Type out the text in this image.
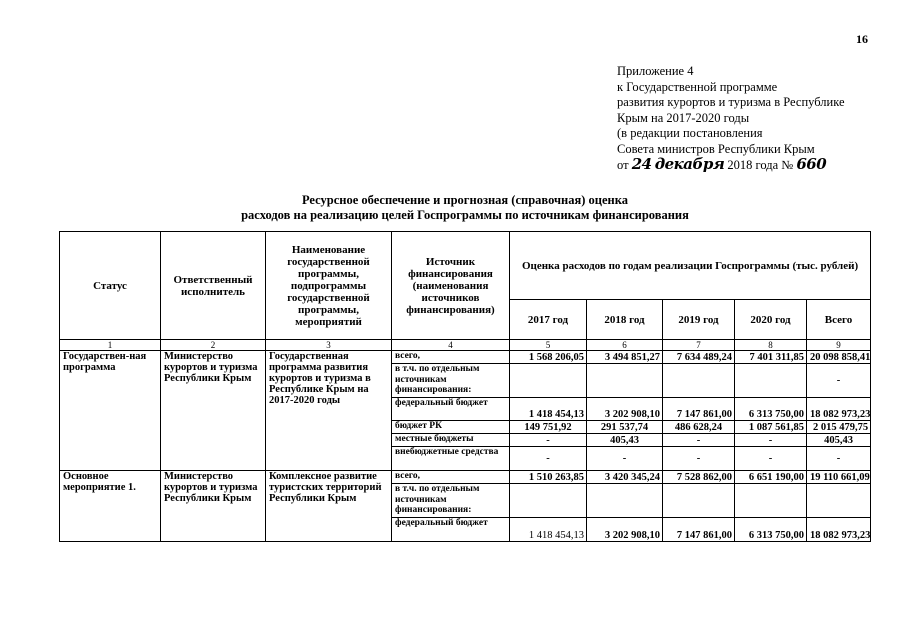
16
Приложение 4
к Государственной программе
развития курортов и туризма в Республике
Крым на 2017-2020 годы
(в редакции постановления
Совета министров Республики Крым
от 24 декабря 2018 года № 660
Ресурсное обеспечение и прогнозная (справочная) оценка
расходов на реализацию целей Госпрограммы по источникам финансирования
Статус	Ответственный исполнитель	Наименование государственной программы, подпрограммы государственной программы, мероприятий	Источник финансирования (наименования источников финансирования)	Оценка расходов по годам реализации Госпрограммы (тыс. рублей)				
				2017 год	2018 год	2019 год	2020 год	Всего
1	2	3	4	5	6	7	8	9
Государствен-ная программа	Министерство курортов и туризма Республики Крым	Государственная программа развития курортов и туризма в Республике Крым на 2017-2020 годы	всего,	1 568 206,05	3 494 851,27	7 634 489,24	7 401 311,85	20 098 858,41
			в т.ч. по отдельным источникам финансирования:					-
			федеральный бюджет	1 418 454,13	3 202 908,10	7 147 861,00	6 313 750,00	18 082 973,23
			бюджет РК	149 751,92	291 537,74	486 628,24	1 087 561,85	2 015 479,75
			местные бюджеты	-	405,43	-	-	405,43
			внебюджетные средства	-	-	-	-	-
Основное мероприятие 1.	Министерство курортов и туризма Республики Крым	Комплексное развитие туристских территорий Республики Крым	всего,	1 510 263,85	3 420 345,24	7 528 862,00	6 651 190,00	19 110 661,09
			в т.ч. по отдельным источникам финансирования:					
			федеральный бюджет	1 418 454,13	3 202 908,10	7 147 861,00	6 313 750,00	18 082 973,23
